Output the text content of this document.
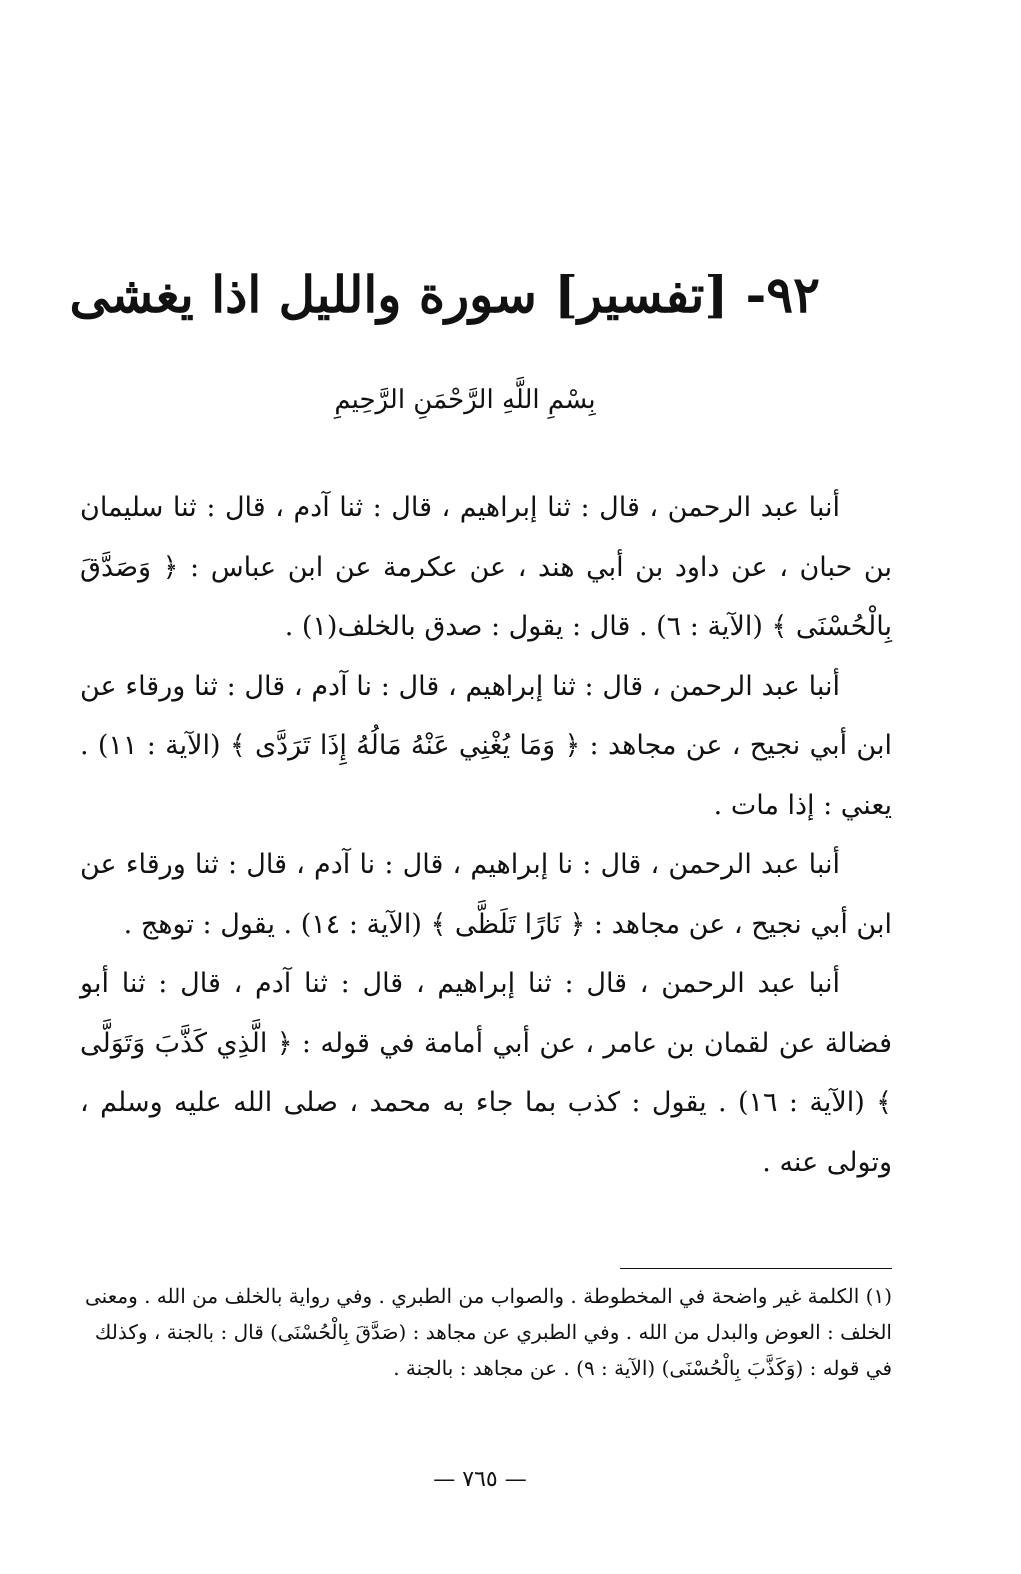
٩٢- [تفسير] سورة والليل اذا يغشى
بِسْمِ اللَّهِ الرَّحْمَنِ الرَّحِيمِ

أنبا عبد الرحمن ، قال : ثنا إبراهيم ، قال : ثنا آدم ، قال : ثنا سليمان بن حبان ، عن داود بن أبي هند ، عن عكرمة عن ابن عباس : ﴿ وَصَدَّقَ بِالْحُسْنَى ﴾ (الآية : ٦) . قال : يقول : صدق بالخلف(١) .

أنبا عبد الرحمن ، قال : ثنا إبراهيم ، قال : نا آدم ، قال : ثنا ورقاء عن ابن أبي نجيح ، عن مجاهد : ﴿ وَمَا يُغْنِي عَنْهُ مَالُهُ إِذَا تَرَدَّى ﴾ (الآية : ١١) . يعني : إذا مات .

أنبا عبد الرحمن ، قال : نا إبراهيم ، قال : نا آدم ، قال : ثنا ورقاء عن ابن أبي نجيح ، عن مجاهد : ﴿ نَارًا تَلَظَّى ﴾ (الآية : ١٤) . يقول : توهج .

أنبا عبد الرحمن ، قال : ثنا إبراهيم ، قال : ثنا آدم ، قال : ثنا أبو فضالة عن لقمان بن عامر ، عن أبي أمامة في قوله : ﴿ الَّذِي كَذَّبَ وَتَوَلَّى ﴾ (الآية : ١٦) . يقول : كذب بما جاء به محمد ، صلى الله عليه وسلم ، وتولى عنه .

(١) الكلمة غير واضحة في المخطوطة . والصواب من الطبري . وفي رواية بالخلف من الله . ومعنى الخلف : العوض والبدل من الله . وفي الطبري عن مجاهد : (صَدَّقَ بِالْحُسْنَى) قال : بالجنة ، وكذلك في قوله : (وَكَذَّبَ بِالْحُسْنَى) (الآية : ٩) . عن مجاهد : بالجنة .
— ٧٦٥ —
